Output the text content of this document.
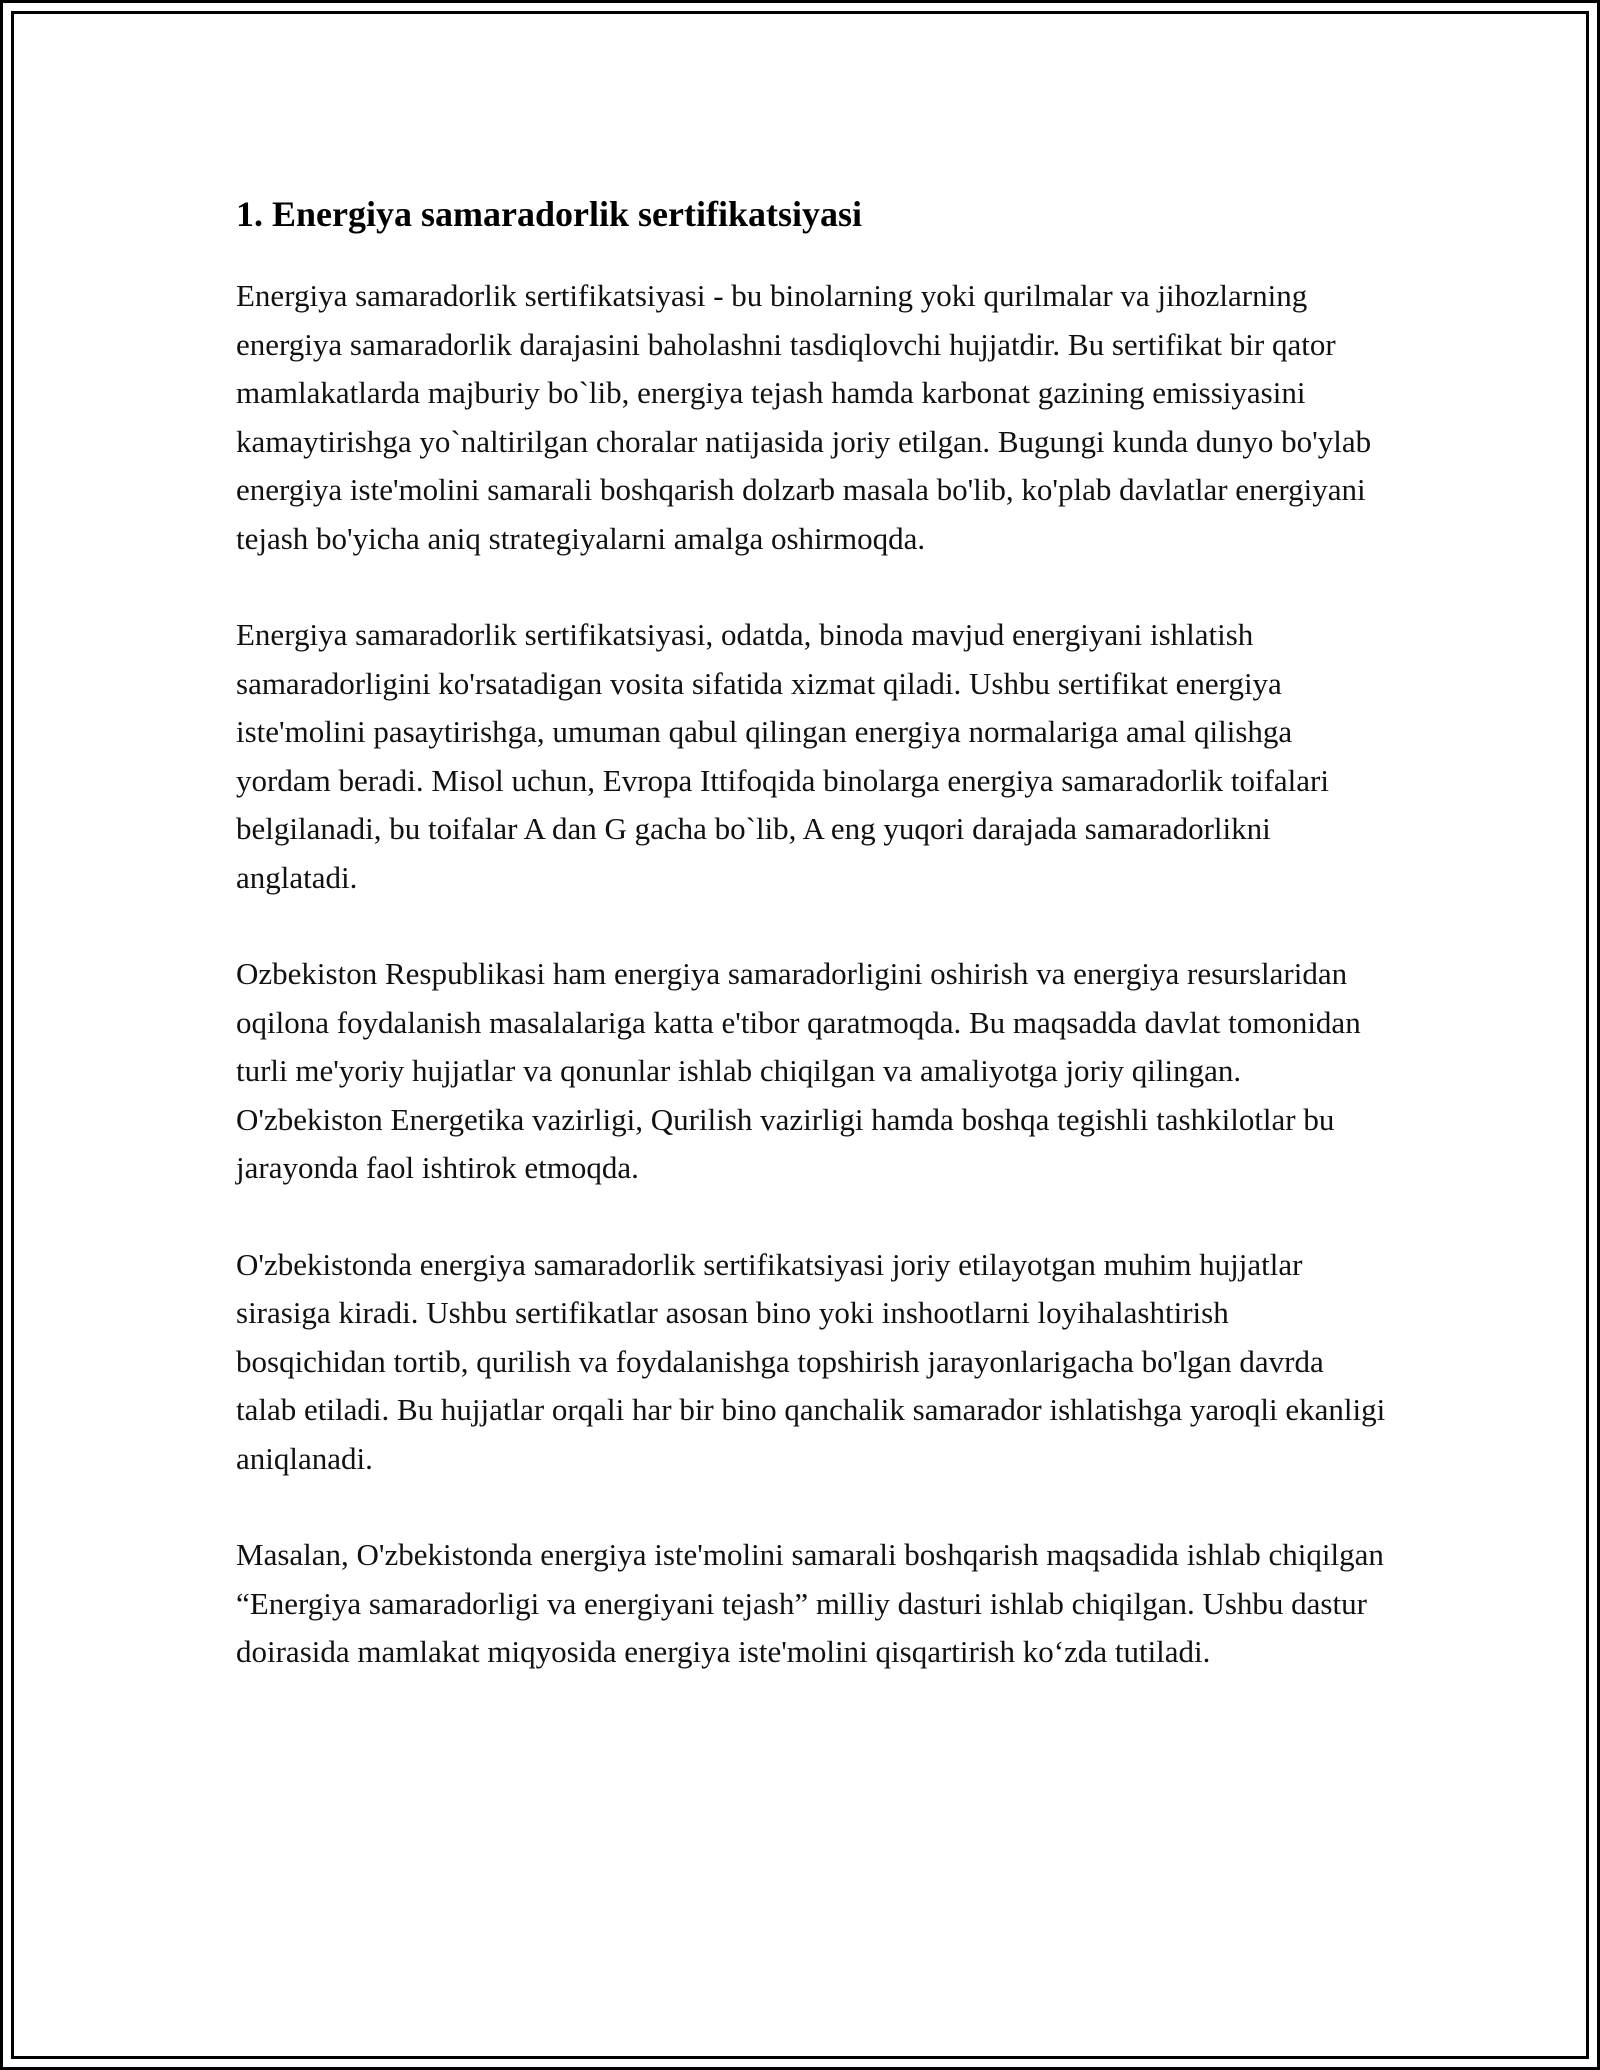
1. Energiya samaradorlik sertifikatsiyasi

Energiya samaradorlik sertifikatsiyasi - bu binolarning yoki qurilmalar va jihozlarning energiya samaradorlik darajasini baholashni tasdiqlovchi hujjatdir. Bu sertifikat bir qator mamlakatlarda majburiy bo`lib, energiya tejash hamda karbonat gazining emissiyasini kamaytirishga yo`naltirilgan choralar natijasida joriy etilgan. Bugungi kunda dunyo bo'ylab energiya iste'molini samarali boshqarish dolzarb masala bo'lib, ko'plab davlatlar energiyani tejash bo'yicha aniq strategiyalarni amalga oshirmoqda.

Energiya samaradorlik sertifikatsiyasi, odatda, binoda mavjud energiyani ishlatish samaradorligini ko'rsatadigan vosita sifatida xizmat qiladi. Ushbu sertifikat energiya iste'molini pasaytirishga, umuman qabul qilingan energiya normalariga amal qilishga yordam beradi. Misol uchun, Evropa Ittifoqida binolarga energiya samaradorlik toifalari belgilanadi, bu toifalar A dan G gacha bo`lib, A eng yuqori darajada samaradorlikni anglatadi.

Ozbekiston Respublikasi ham energiya samaradorligini oshirish va energiya resurslaridan oqilona foydalanish masalalariga katta e'tibor qaratmoqda. Bu maqsadda davlat tomonidan turli me'yoriy hujjatlar va qonunlar ishlab chiqilgan va amaliyotga joriy qilingan. O'zbekiston Energetika vazirligi, Qurilish vazirligi hamda boshqa tegishli tashkilotlar bu jarayonda faol ishtirok etmoqda.

O'zbekistonda energiya samaradorlik sertifikatsiyasi joriy etilayotgan muhim hujjatlar sirasiga kiradi. Ushbu sertifikatlar asosan bino yoki inshootlarni loyihalashtirish bosqichidan tortib, qurilish va foydalanishga topshirish jarayonlarigacha bo'lgan davrda talab etiladi. Bu hujjatlar orqali har bir bino qanchalik samarador ishlatishga yaroqli ekanligi aniqlanadi.

Masalan, O'zbekistonda energiya iste'molini samarali boshqarish maqsadida ishlab chiqilgan “Energiya samaradorligi va energiyani tejash” milliy dasturi ishlab chiqilgan. Ushbu dastur doirasida mamlakat miqyosida energiya iste'molini qisqartirish ko‘zda tutiladi.
